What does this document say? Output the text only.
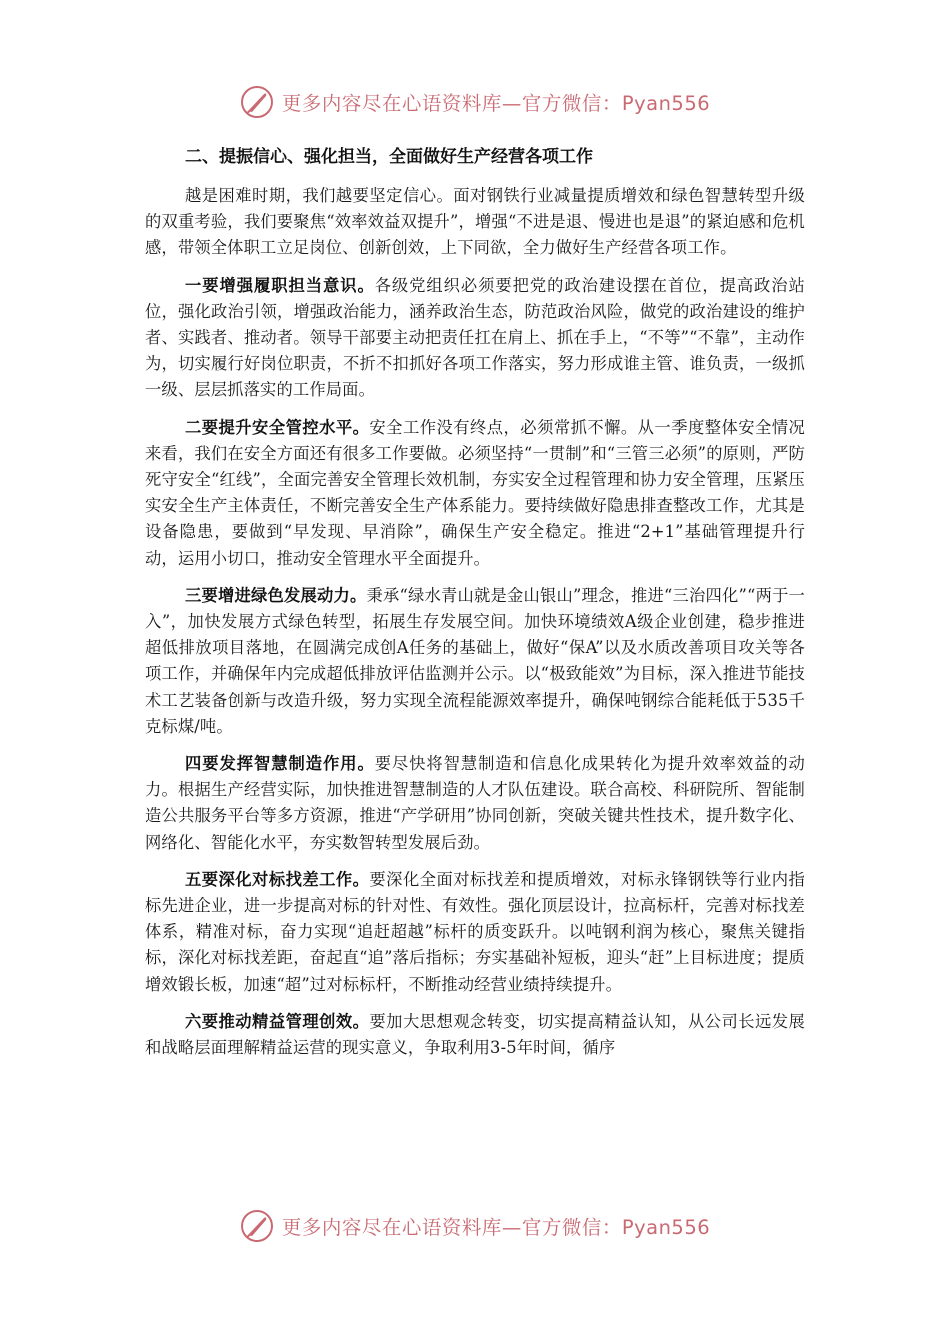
更多内容尽在心语资料库—官方微信：Pyan556

二、提振信心、强化担当，全面做好生产经营各项工作

越是困难时期，我们越要坚定信心。面对钢铁行业减量提质增效和绿色智慧转型升级的双重考验，我们要聚焦“效率效益双提升”，增强“不进是退、慢进也是退”的紧迫感和危机感，带领全体职工立足岗位、创新创效，上下同欲，全力做好生产经营各项工作。

一要增强履职担当意识。各级党组织必须要把党的政治建设摆在首位，提高政治站位，强化政治引领，增强政治能力，涵养政治生态，防范政治风险，做党的政治建设的维护者、实践者、推动者。领导干部要主动把责任扛在肩上、抓在手上，“不等”“不靠”，主动作为，切实履行好岗位职责，不折不扣抓好各项工作落实，努力形成谁主管、谁负责，一级抓一级、层层抓落实的工作局面。

二要提升安全管控水平。安全工作没有终点，必须常抓不懈。从一季度整体安全情况来看，我们在安全方面还有很多工作要做。必须坚持“一贯制”和“三管三必须”的原则，严防死守安全“红线”，全面完善安全管理长效机制，夯实安全过程管理和协力安全管理，压紧压实安全生产主体责任，不断完善安全生产体系能力。要持续做好隐患排查整改工作，尤其是设备隐患，要做到“早发现、早消除”，确保生产安全稳定。推进“2+1”基础管理提升行动，运用小切口，推动安全管理水平全面提升。

三要增进绿色发展动力。秉承“绿水青山就是金山银山”理念，推进“三治四化”“两于一入”，加快发展方式绿色转型，拓展生存发展空间。加快环境绩效A级企业创建，稳步推进超低排放项目落地，在圆满完成创A任务的基础上，做好“保A”以及水质改善项目攻关等各项工作，并确保年内完成超低排放评估监测并公示。以“极致能效”为目标，深入推进节能技术工艺装备创新与改造升级，努力实现全流程能源效率提升，确保吨钢综合能耗低于535千克标煤/吨。

四要发挥智慧制造作用。要尽快将智慧制造和信息化成果转化为提升效率效益的动力。根据生产经营实际，加快推进智慧制造的人才队伍建设。联合高校、科研院所、智能制造公共服务平台等多方资源，推进“产学研用”协同创新，突破关键共性技术，提升数字化、网络化、智能化水平，夯实数智转型发展后劲。

五要深化对标找差工作。要深化全面对标找差和提质增效，对标永锋钢铁等行业内指标先进企业，进一步提高对标的针对性、有效性。强化顶层设计，拉高标杆，完善对标找差体系，精准对标，奋力实现“追赶超越”标杆的质变跃升。以吨钢利润为核心，聚焦关键指标，深化对标找差距，奋起直“追”落后指标；夯实基础补短板，迎头“赶”上目标进度；提质增效锻长板，加速“超”过对标标杆，不断推动经营业绩持续提升。

六要推动精益管理创效。要加大思想观念转变，切实提高精益认知，从公司长远发展和战略层面理解精益运营的现实意义，争取利用3-5年时间，循序

更多内容尽在心语资料库—官方微信：Pyan556
